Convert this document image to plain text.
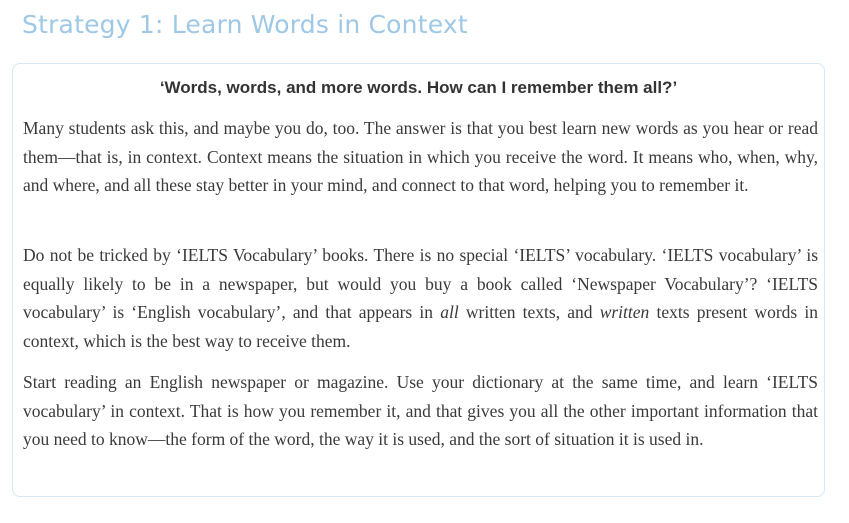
Strategy 1: Learn Words in Context

‘Words, words, and more words. How can I remember them all?’

Many students ask this, and maybe you do, too. The answer is that you best learn new words as you hear or read them—that is, in context. Context means the situation in which you receive the word. It means who, when, why, and where, and all these stay better in your mind, and connect to that word, helping you to remember it.

Do not be tricked by ‘IELTS Vocabulary’ books. There is no special ‘IELTS’ vocabulary. ‘IELTS vocabulary’ is equally likely to be in a newspaper, but would you buy a book called ‘Newspaper Vocabulary’? ‘IELTS vocabulary’ is ‘English vocabulary’, and that appears in all written texts, and written texts present words in context, which is the best way to receive them.

Start reading an English newspaper or magazine. Use your dictionary at the same time, and learn ‘IELTS vocabulary’ in context. That is how you remember it, and that gives you all the other important information that you need to know—the form of the word, the way it is used, and the sort of situation it is used in.
